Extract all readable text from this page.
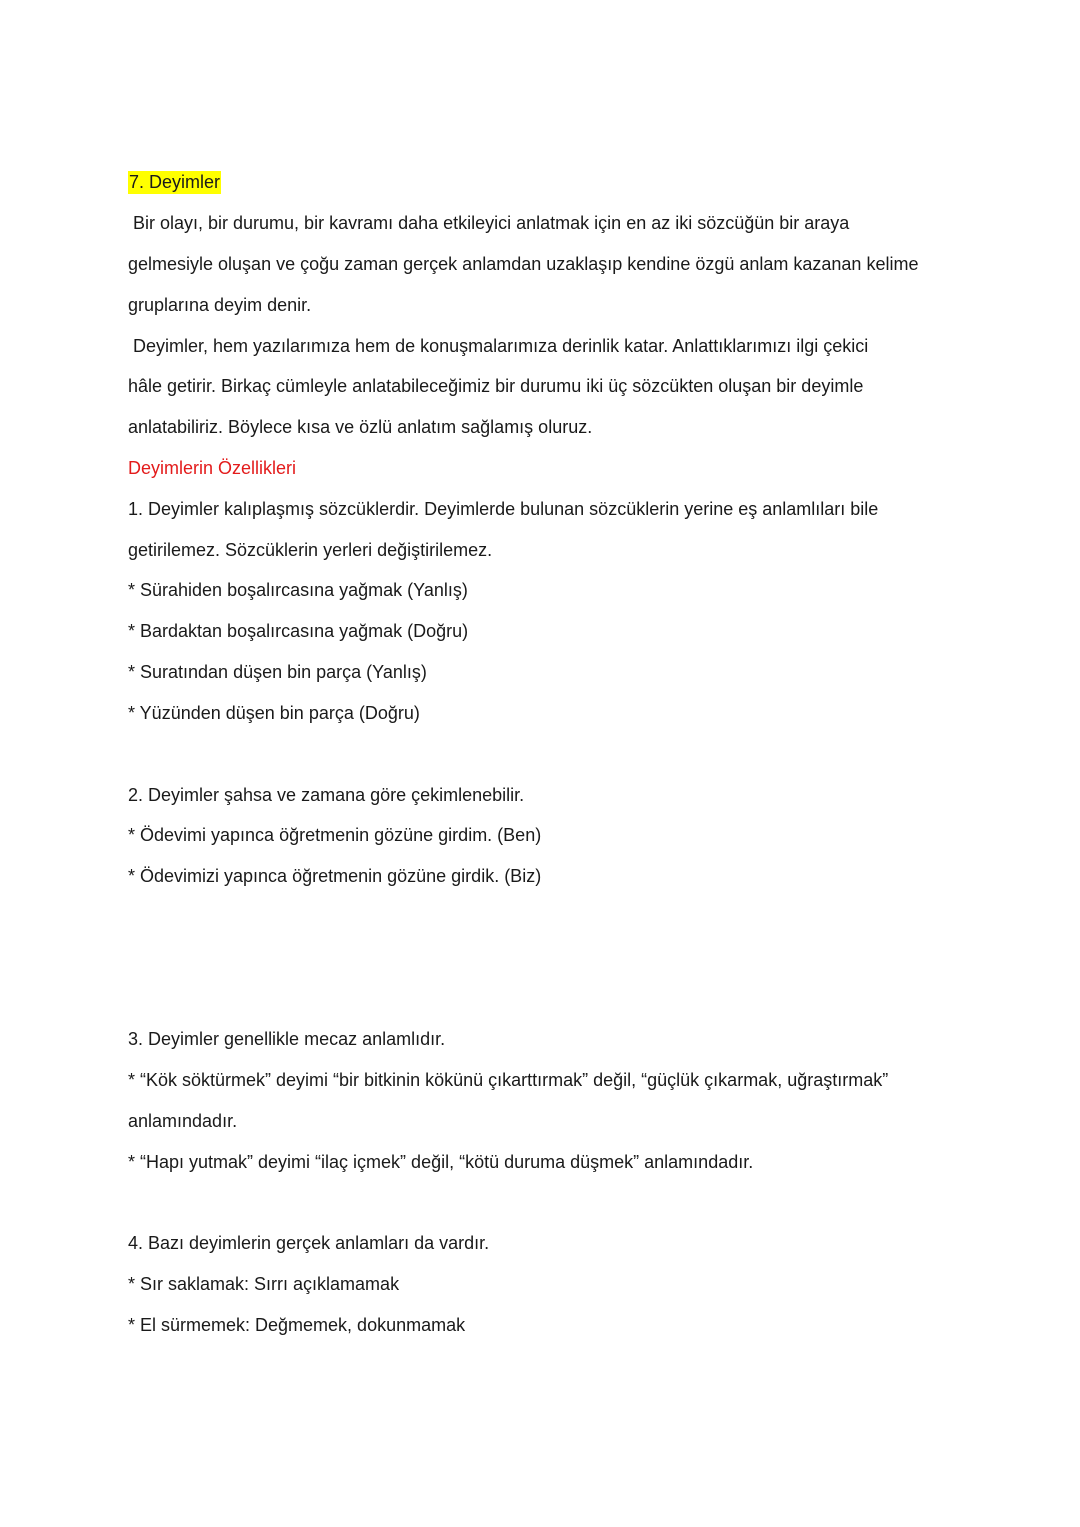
7. Deyimler

Bir olayı, bir durumu, bir kavramı daha etkileyici anlatmak için en az iki sözcüğün bir araya

gelmesiyle oluşan ve çoğu zaman gerçek anlamdan uzaklaşıp kendine özgü anlam kazanan kelime

gruplarına deyim denir.

Deyimler, hem yazılarımıza hem de konuşmalarımıza derinlik katar. Anlattıklarımızı ilgi çekici

hâle getirir. Birkaç cümleyle anlatabileceğimiz bir durumu iki üç sözcükten oluşan bir deyimle

anlatabiliriz. Böylece kısa ve özlü anlatım sağlamış oluruz.

Deyimlerin Özellikleri

1. Deyimler kalıplaşmış sözcüklerdir. Deyimlerde bulunan sözcüklerin yerine eş anlamlıları bile

getirilemez. Sözcüklerin yerleri değiştirilemez.

* Sürahiden boşalırcasına yağmak (Yanlış)

* Bardaktan boşalırcasına yağmak (Doğru)

* Suratından düşen bin parça (Yanlış)

* Yüzünden düşen bin parça (Doğru)

2. Deyimler şahsa ve zamana göre çekimlenebilir.

* Ödevimi yapınca öğretmenin gözüne girdim. (Ben)

* Ödevimizi yapınca öğretmenin gözüne girdik. (Biz)

3. Deyimler genellikle mecaz anlamlıdır.

* “Kök söktürmek” deyimi “bir bitkinin kökünü çıkarttırmak” değil, “güçlük çıkarmak, uğraştırmak”

anlamındadır.

* “Hapı yutmak” deyimi “ilaç içmek” değil, “kötü duruma düşmek” anlamındadır.

4. Bazı deyimlerin gerçek anlamları da vardır.

* Sır saklamak: Sırrı açıklamamak

* El sürmemek: Değmemek, dokunmamak
